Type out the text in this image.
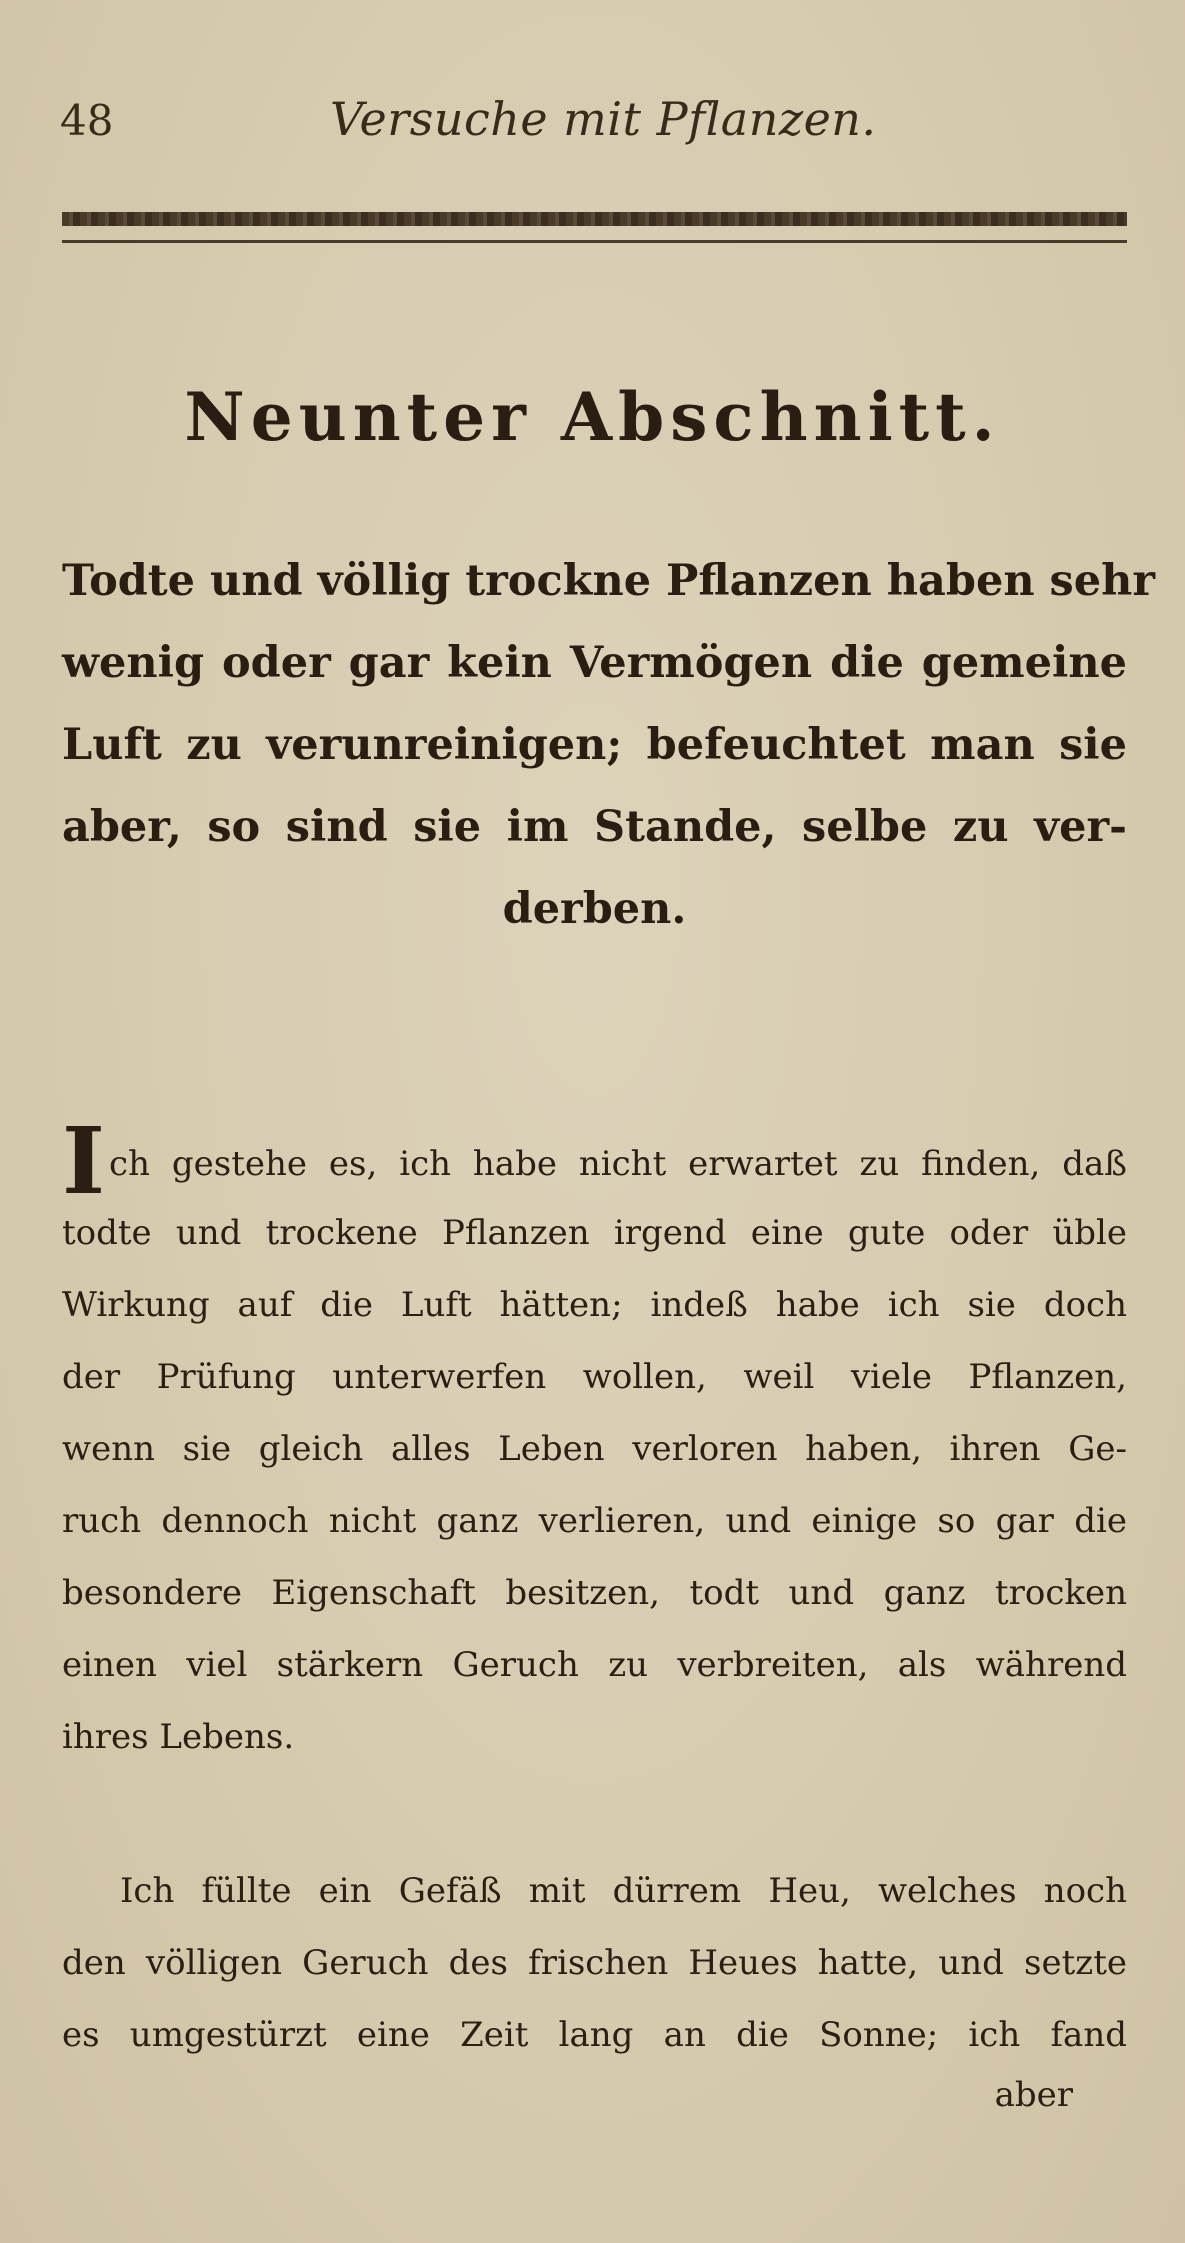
48	Versuche mit Pflanzen.
Neunter Abschnitt.
Todte und völlig trockne Pflanzen haben sehr
wenig oder gar kein Vermögen die gemeine
Luft zu verunreinigen; befeuchtet man sie
aber, so sind sie im Stande, selbe zu ver-
derben.
Ich gestehe es, ich habe nicht erwartet zu finden, daß
todte und trockene Pflanzen irgend eine gute oder üble
Wirkung auf die Luft hätten; indeß habe ich sie doch
der Prüfung unterwerfen wollen, weil viele Pflanzen,
wenn sie gleich alles Leben verloren haben, ihren Ge-
ruch dennoch nicht ganz verlieren, und einige so gar die
besondere Eigenschaft besitzen, todt und ganz trocken
einen viel stärkern Geruch zu verbreiten, als während
ihres Lebens.
Ich füllte ein Gefäß mit dürrem Heu, welches noch
den völligen Geruch des frischen Heues hatte, und setzte
es umgestürzt eine Zeit lang an die Sonne; ich fand
aber
